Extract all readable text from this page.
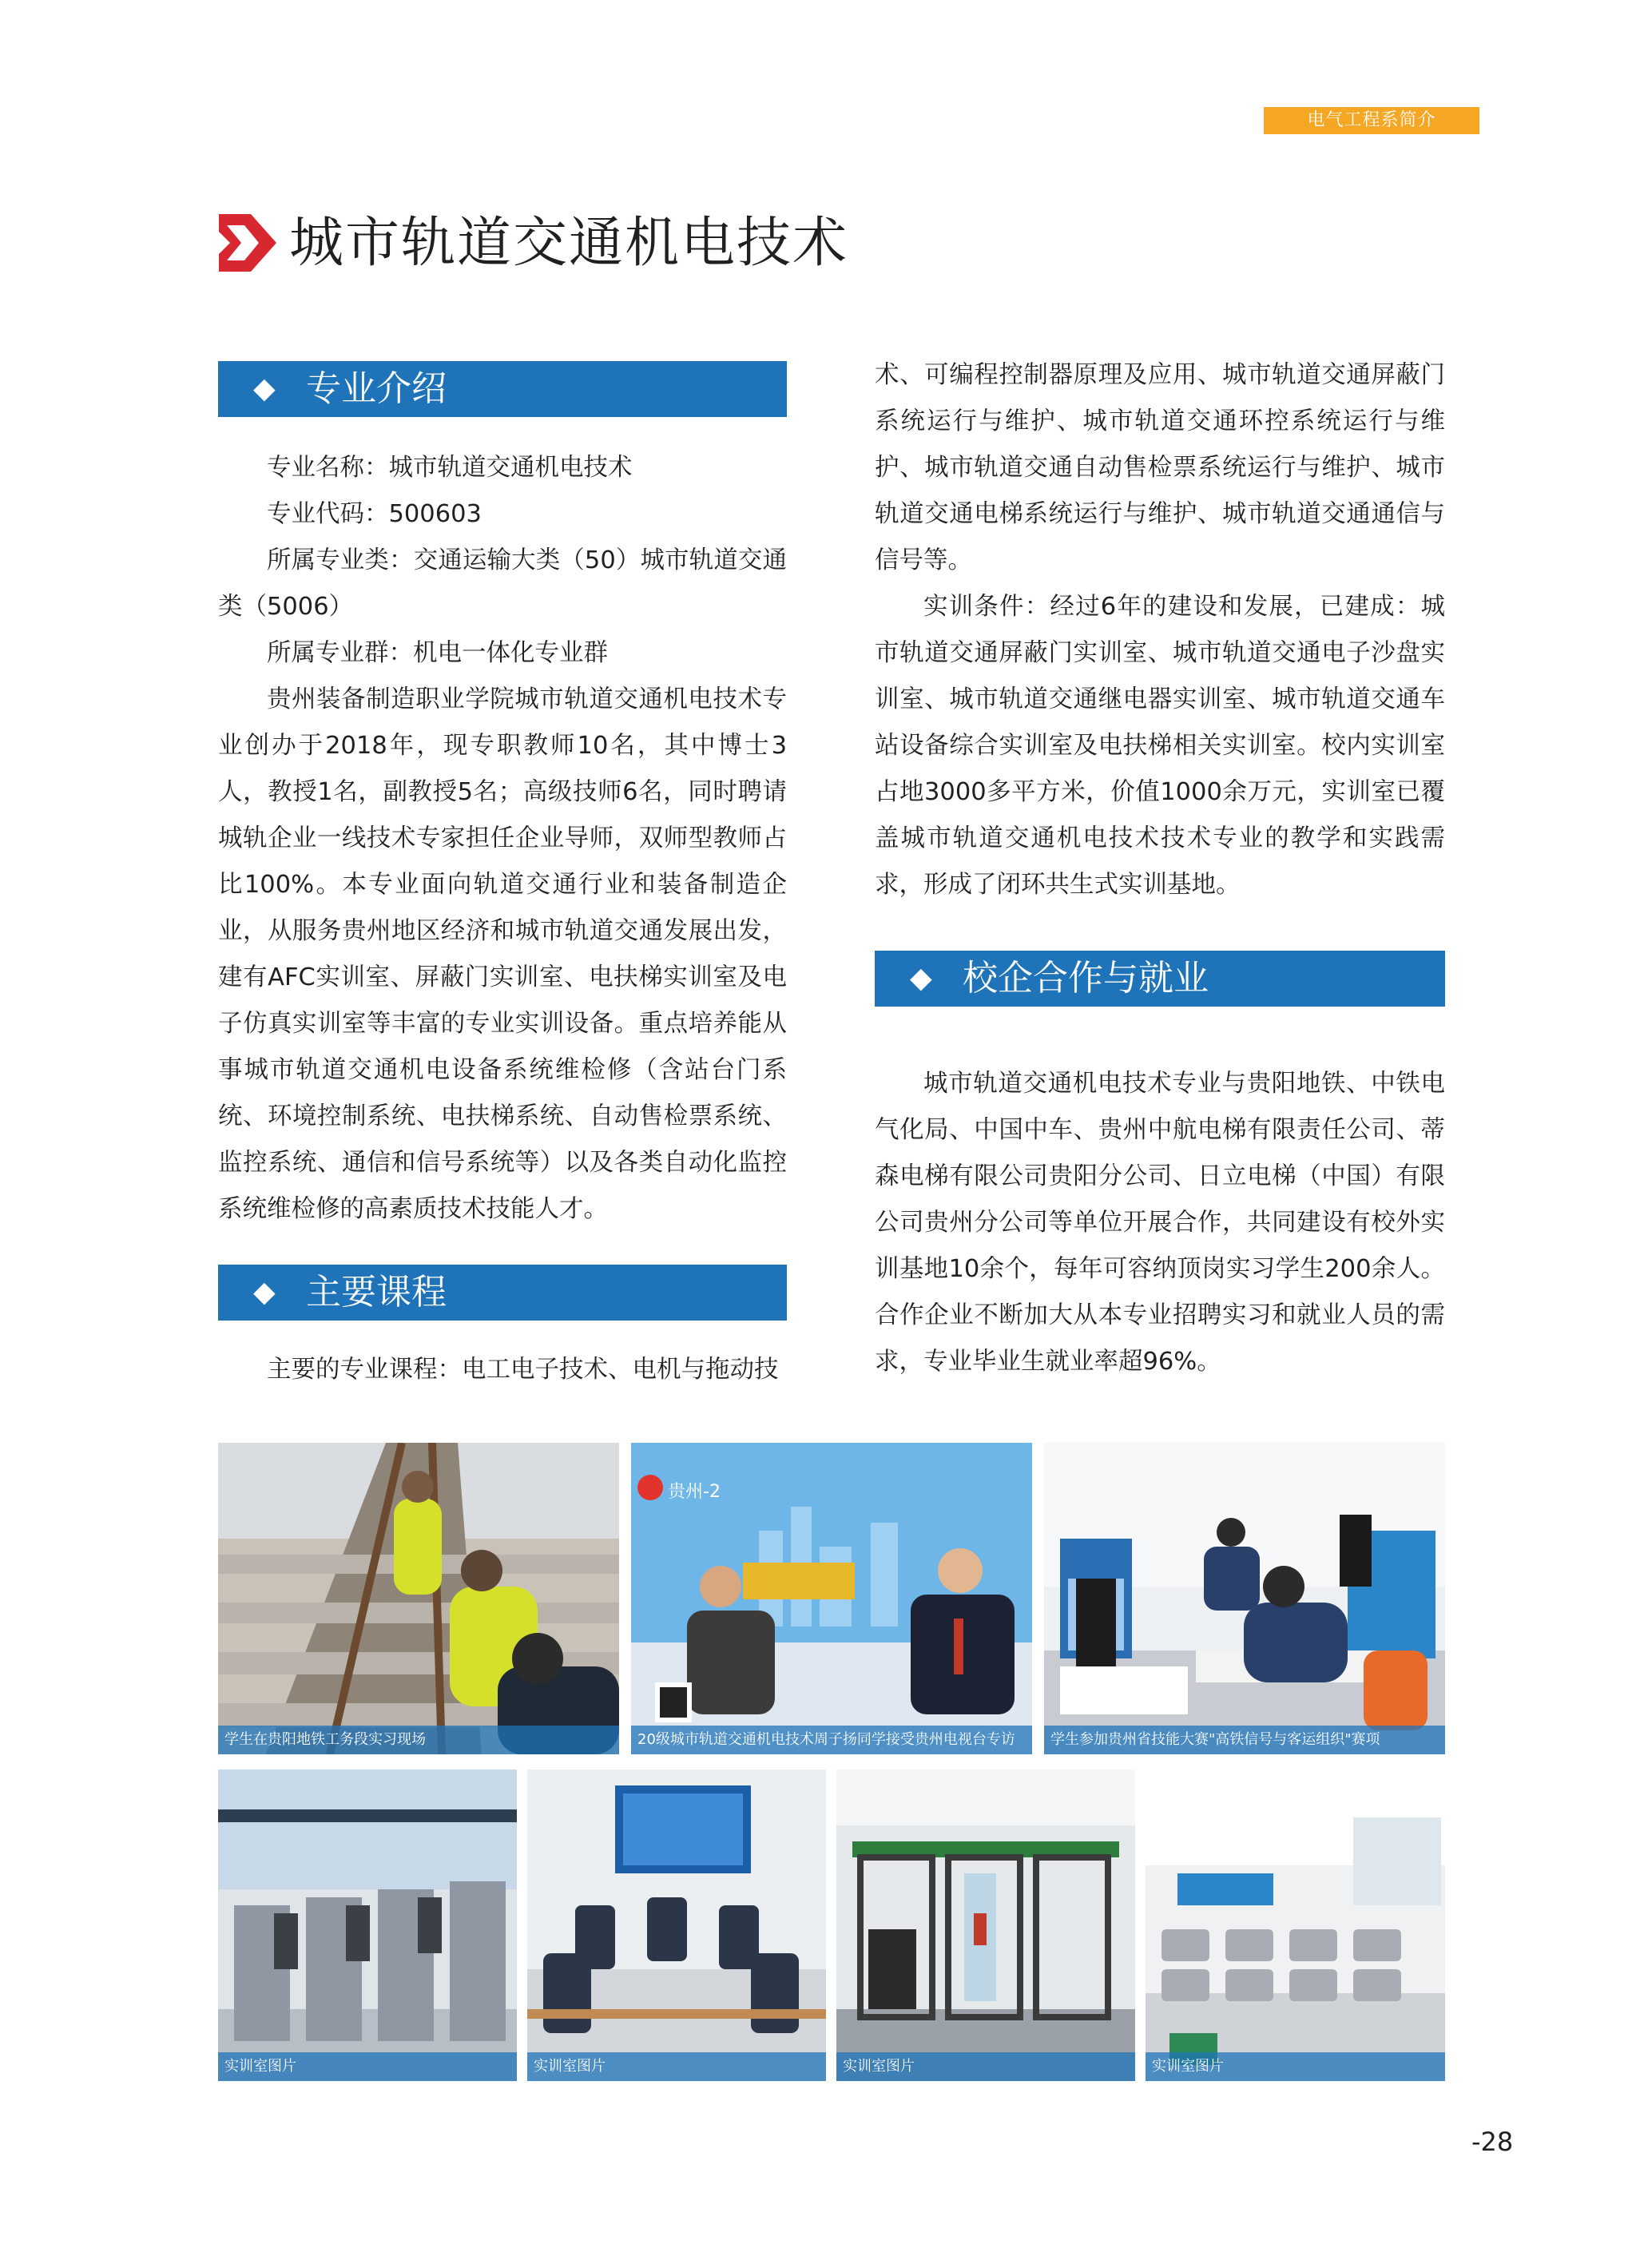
电气工程系简介
城市轨道交通机电技术
◆ 专业介绍

专业名称：城市轨道交通机电技术

专业代码：500603

所属专业类：交通运输大类（50）城市轨道交通类（5006）

所属专业群：机电一体化专业群

贵州装备制造职业学院城市轨道交通机电技术专业创办于2018年，现专职教师10名，其中博士3人，教授1名，副教授5名；高级技师6名，同时聘请城轨企业一线技术专家担任企业导师，双师型教师占比100%。本专业面向轨道交通行业和装备制造企业，从服务贵州地区经济和城市轨道交通发展出发，建有AFC实训室、屏蔽门实训室、电扶梯实训室及电子仿真实训室等丰富的专业实训设备。重点培养能从事城市轨道交通机电设备系统维检修（含站台门系统、环境控制系统、电扶梯系统、自动售检票系统、监控系统、通信和信号系统等）以及各类自动化监控系统维检修的高素质技术技能人才。

◆ 主要课程

主要的专业课程：电工电子技术、电机与拖动技

术、可编程控制器原理及应用、城市轨道交通屏蔽门系统运行与维护、城市轨道交通环控系统运行与维护、城市轨道交通自动售检票系统运行与维护、城市轨道交通电梯系统运行与维护、城市轨道交通通信与信号等。

实训条件：经过6年的建设和发展，已建成：城市轨道交通屏蔽门实训室、城市轨道交通电子沙盘实训室、城市轨道交通继电器实训室、城市轨道交通车站设备综合实训室及电扶梯相关实训室。校内实训室占地3000多平方米，价值1000余万元，实训室已覆盖城市轨道交通机电技术技术专业的教学和实践需求，形成了闭环共生式实训基地。

◆ 校企合作与就业

城市轨道交通机电技术专业与贵阳地铁、中铁电气化局、中国中车、贵州中航电梯有限责任公司、蒂森电梯有限公司贵阳分公司、日立电梯（中国）有限公司贵州分公司等单位开展合作，共同建设有校外实训基地10余个，每年可容纳顶岗实习学生200余人。合作企业不断加大从本专业招聘实习和就业人员的需求，专业毕业生就业率超96%。

学生在贵阳地铁工务段实习现场
贵州-2
20级城市轨道交通机电技术周子扬同学接受贵州电视台专访	学生参加贵州省技能大赛"高铁信号与客运组织"赛项
实训室图片	实训室图片	实训室图片	实训室图片
-28
